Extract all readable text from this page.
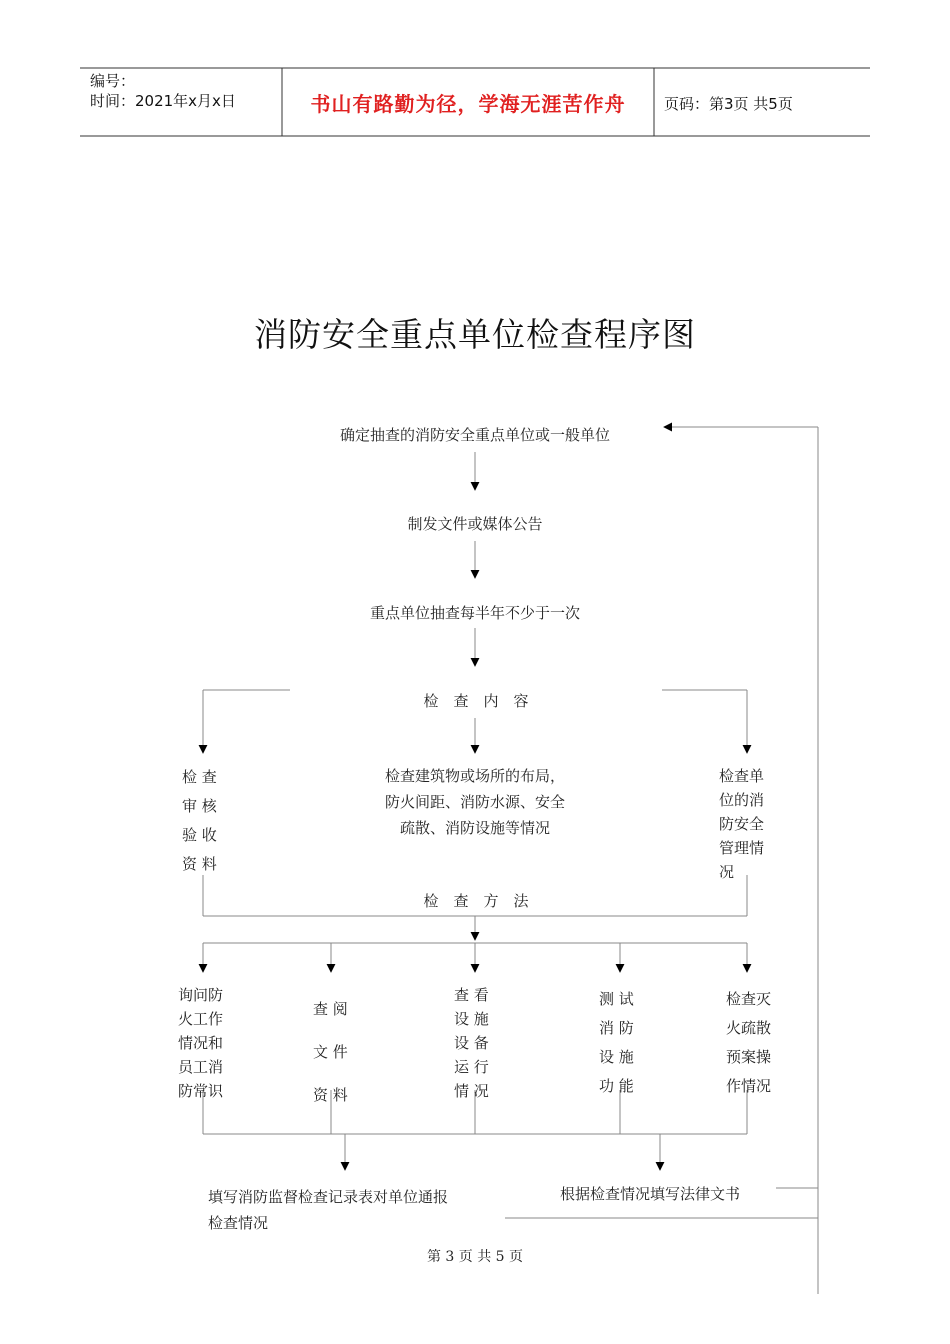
编号：
时间：2021年x月x日	书山有路勤为径，学海无涯苦作舟	页码：第3页 共5页
消防安全重点单位检查程序图
确定抽查的消防安全重点单位或一般单位
制发文件或媒体公告
重点单位抽查每半年不少于一次
检　查　内　容
检 查
审 核
验 收
资 料
检查建筑物或场所的布局，
防火间距、消防水源、安全
疏散、消防设施等情况
检查单
位的消
防安全
管理情
况
检　查　方　法
询问防
火工作
情况和
员工消
防常识
查 阅
文 件
资 料
查 看
设 施
设 备
运 行
情 况
测 试
消 防
设 施
功 能
检查灭
火疏散
预案操
作情况
填写消防监督检查记录表对单位通报
检查情况
根据检查情况填写法律文书
第 3 页 共 5 页
